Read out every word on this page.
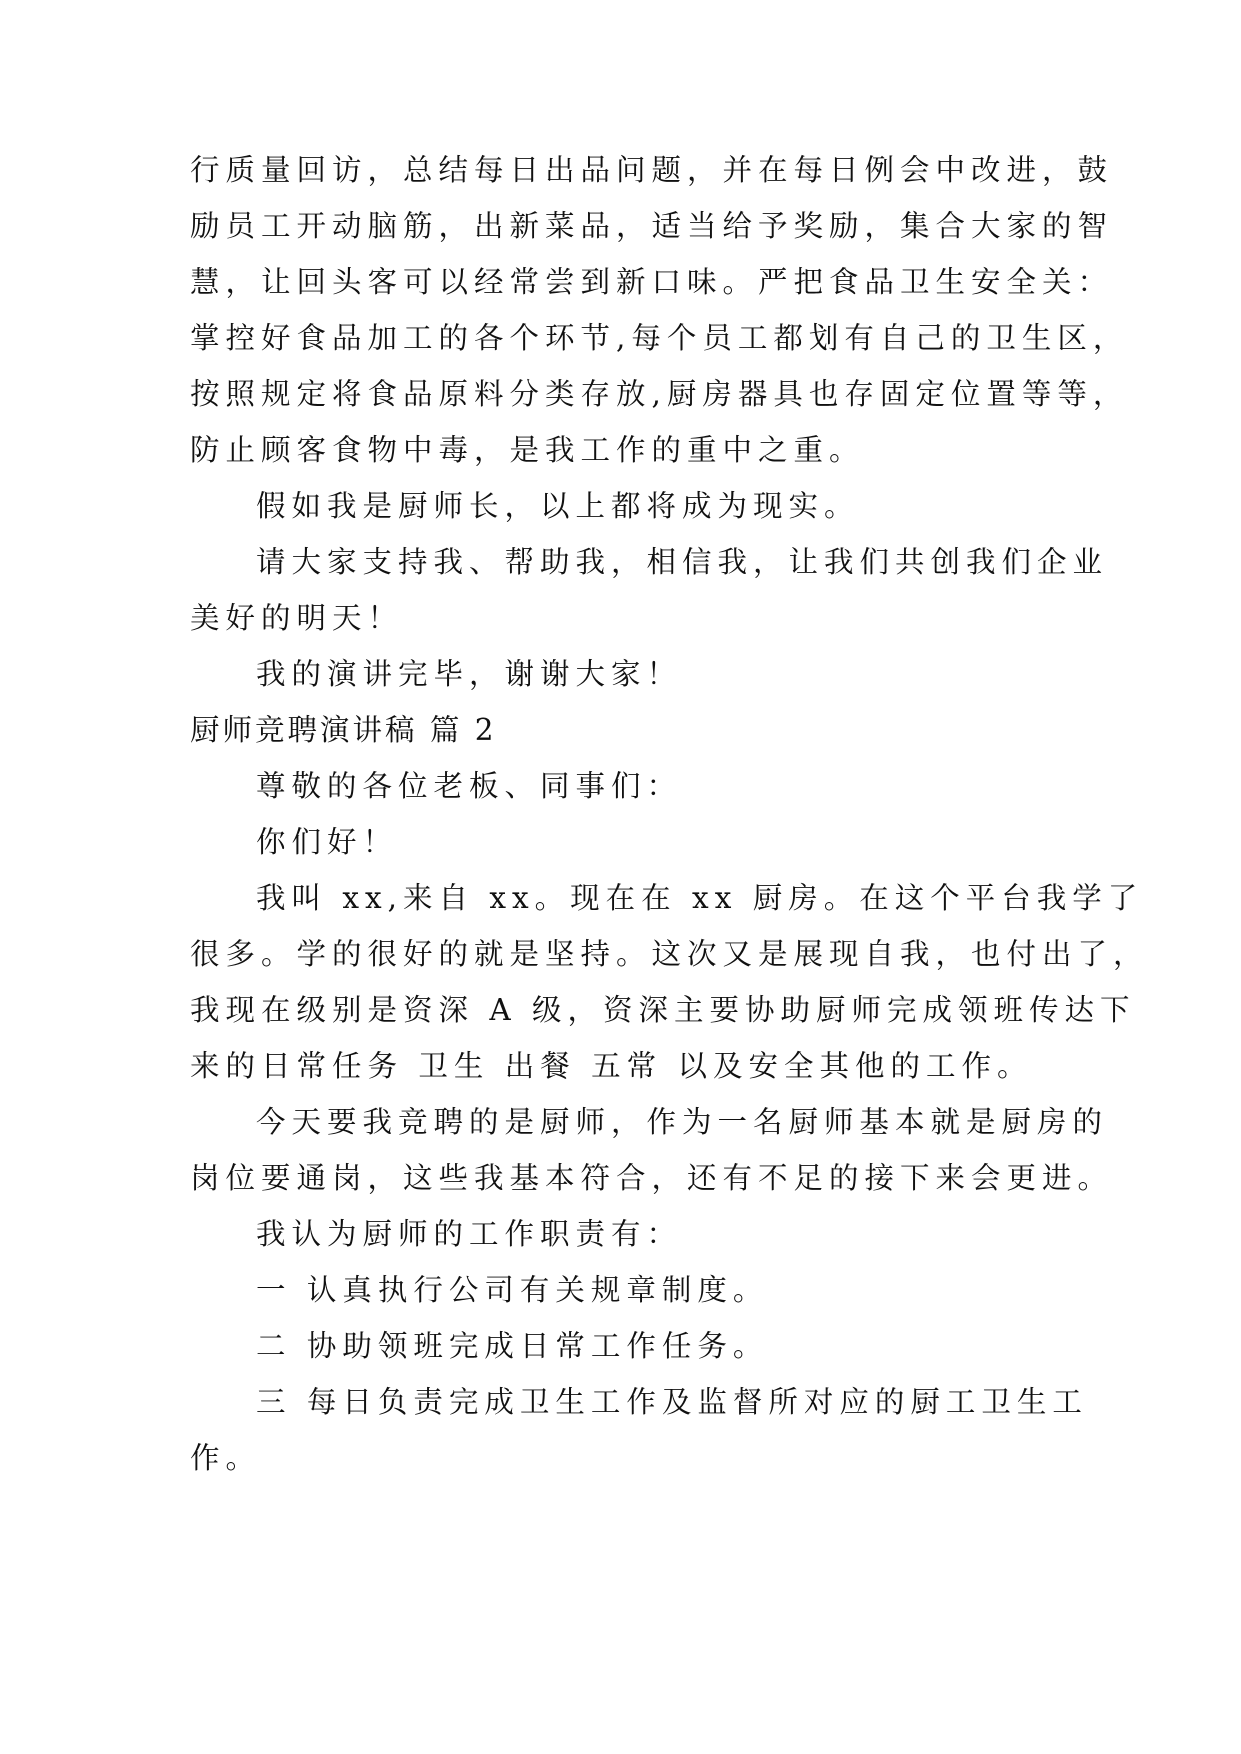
行质量回访，总结每日出品问题，并在每日例会中改进，鼓
励员工开动脑筋，出新菜品，适当给予奖励，集合大家的智
慧，让回头客可以经常尝到新口味。严把食品卫生安全关：
掌控好食品加工的各个环节,每个员工都划有自己的卫生区，
按照规定将食品原料分类存放,厨房器具也存固定位置等等，
防止顾客食物中毒，是我工作的重中之重。
假如我是厨师长，以上都将成为现实。
请大家支持我、帮助我，相信我，让我们共创我们企业
美好的明天！
我的演讲完毕，谢谢大家！
厨师竞聘演讲稿 篇 2
尊敬的各位老板、同事们：
你们好！
我叫 xx,来自 xx。现在在 xx 厨房。在这个平台我学了
很多。学的很好的就是坚持。这次又是展现自我，也付出了，
我现在级别是资深 A 级，资深主要协助厨师完成领班传达下
来的日常任务 卫生 出餐 五常 以及安全其他的工作。
今天要我竞聘的是厨师，作为一名厨师基本就是厨房的
岗位要通岗，这些我基本符合，还有不足的接下来会更进。
我认为厨师的工作职责有：
一 认真执行公司有关规章制度。
二 协助领班完成日常工作任务。
三 每日负责完成卫生工作及监督所对应的厨工卫生工
作。
